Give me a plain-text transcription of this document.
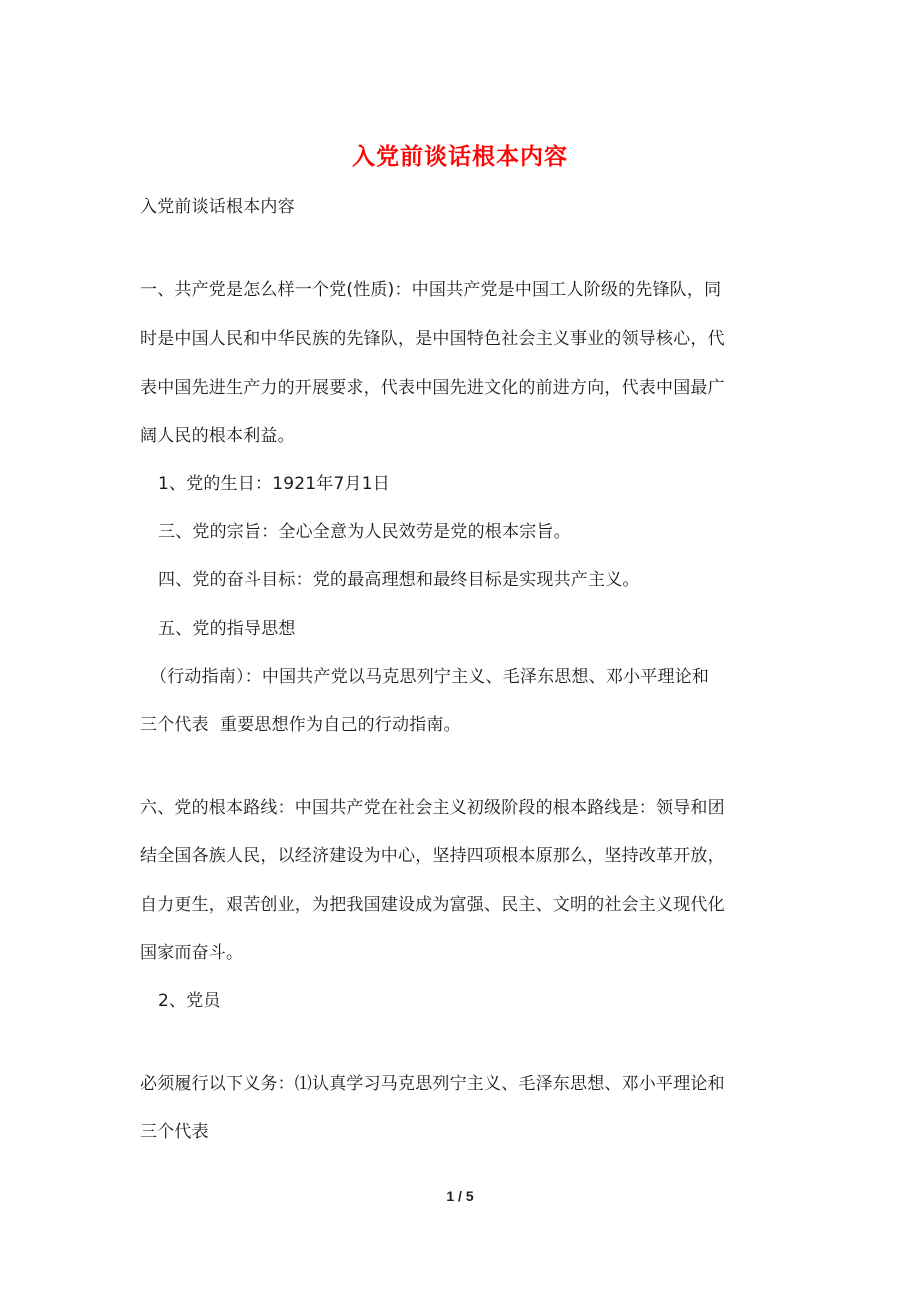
入党前谈话根本内容
入党前谈话根本内容
一、共产党是怎么样一个党(性质)：中国共产党是中国工人阶级的先锋队，同
时是中国人民和中华民族的先锋队，是中国特色社会主义事业的领导核心，代
表中国先进生产力的开展要求，代表中国先进文化的前进方向，代表中国最广
阔人民的根本利益。
1、党的生日：1921年7月1日
三、党的宗旨：全心全意为人民效劳是党的根本宗旨。
四、党的奋斗目标：党的最高理想和最终目标是实现共产主义。
五、党的指导思想
（行动指南）：中国共产党以马克思列宁主义、毛泽东思想、邓小平理论和
三个代表  重要思想作为自己的行动指南。
六、党的根本路线：中国共产党在社会主义初级阶段的根本路线是：领导和团
结全国各族人民，以经济建设为中心，坚持四项根本原那么，坚持改革开放，
自力更生，艰苦创业，为把我国建设成为富强、民主、文明的社会主义现代化
国家而奋斗。
2、党员
必须履行以下义务：⑴认真学习马克思列宁主义、毛泽东思想、邓小平理论和
三个代表
1 / 5
